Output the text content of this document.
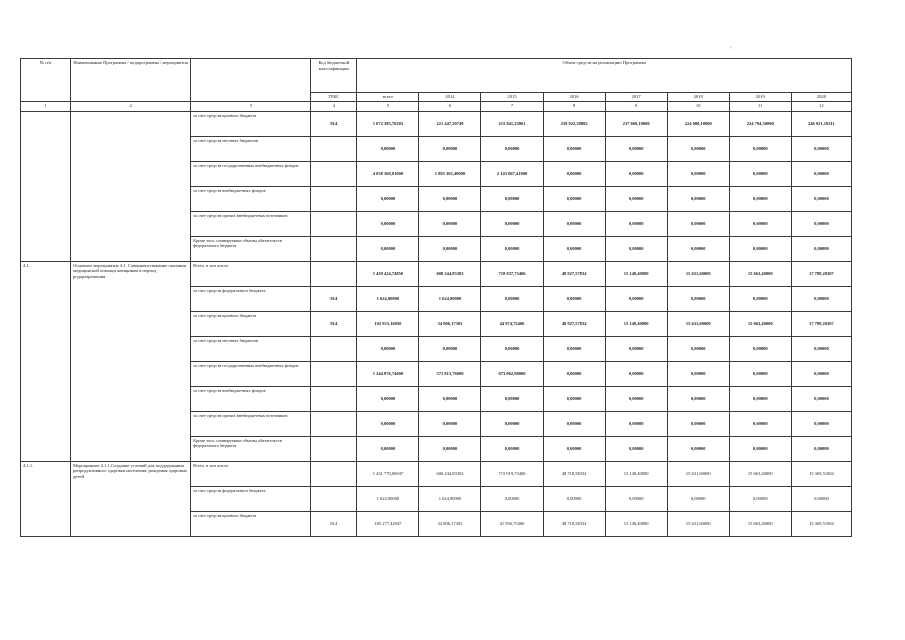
,
№ п/п	Наименование Программы / подпрограммы / мероприятия		Код бюджетной классификации	Объем средств на реализацию Программы							
			ГРБС	всего	2014	2015	2016	2017	2018	2019	2020
1	2	3	4	5	6	7	8	9	10	11	12
		за счет средств краевого бюджета	814	1 672 385,76303	221 447,50749	215 841,23861	239 922,38082	237 669,10000	224 080,10000	224 794,50000	246 921,10311
		за счет средств местных бюджетов		0,00000	0,00000	0,00000	0,00000	0,00000	0,00000	0,00000	0,00000
		за счет средств государственных внебюджетных фондов		4 038 369,81000	1 895 302,40000	2 143 067,41000	0,00000	0,00000	0,00000	0,00000	0,00000
		за счет средств внебюджетных фондов		0,00000	0,00000	0,00000	0,00000	0,00000	0,00000	0,00000	0,00000
		за счет средств прочих внебюджетных источников		0,00000	0,00000	0,00000	0,00000	0,00000	0,00000	0,00000	0,00000
		Кроме того, планируемые объемы обязательств федерального бюджета		0,00000	0,00000	0,00000	0,00000	0,00000	0,00000	0,00000	0,00000
4.1.	Основное мероприятие 4.1. Совершенствование оказания медицинской помощи женщинам в период родоразрешения	Всего, в том числе:		1 439 424,74850	608 244,83303	718 037,73406	48 927,57834	15 140,40000	15 631,60000	15 663,40000	17 789,20307
		за счет средств федерального бюджета	814	1 624,90000	1 624,90000	0,00000	0,00000	0,00000	0,00000	0,00000	0,00000
		за счет средств краевого бюджета	814	192 933,16850	34 806,17303	44 974,75406	48 927,57834	15 140,40000	15 631,60000	15 663,40000	17 789,20307
		за счет средств местных бюджетов		0,00000	0,00000	0,00000	0,00000	0,00000	0,00000	0,00000	0,00000
		за счет средств государственных внебюджетных фондов		1 244 876,74000	571 813,76000	673 062,98000	0,00000	0,00000	0,00000	0,00000	0,00000
		за счет средств внебюджетных фондов		0,00000	0,00000	0,00000	0,00000	0,00000	0,00000	0,00000	0,00000
		за счет средств прочих внебюджетных источников		0,00000	0,00000	0,00000	0,00000	0,00000	0,00000	0,00000	0,00000
		Кроме того, планируемые объемы обязательств федерального бюджета		0,00000	0,00000	0,00000	0,00000	0,00000	0,00000	0,00000	0,00000
4.1.1.	Мероприятие 4.1.1.Создание условий для подддержания репродуктивного здоровья населения, рождения здоровых детей	Всего, в том числе:		1 431 770,06947	606 244,83303	715 019,73406	48 718,58334	15 140,40000	15 631,60000	15 663,40000	15 369,51004
		за счет средств федерального бюджета		1 624,90000	1 624,90000	0,00000	0,00000	0,00000	0,00000	0,00000	0,00000
		за счет средств краевого бюджета	814	185 277,42947	32 806,17303	41 956,75406	48 718,58334	15 140,40000	15 631,60000	15 663,40000	15 369,51004
